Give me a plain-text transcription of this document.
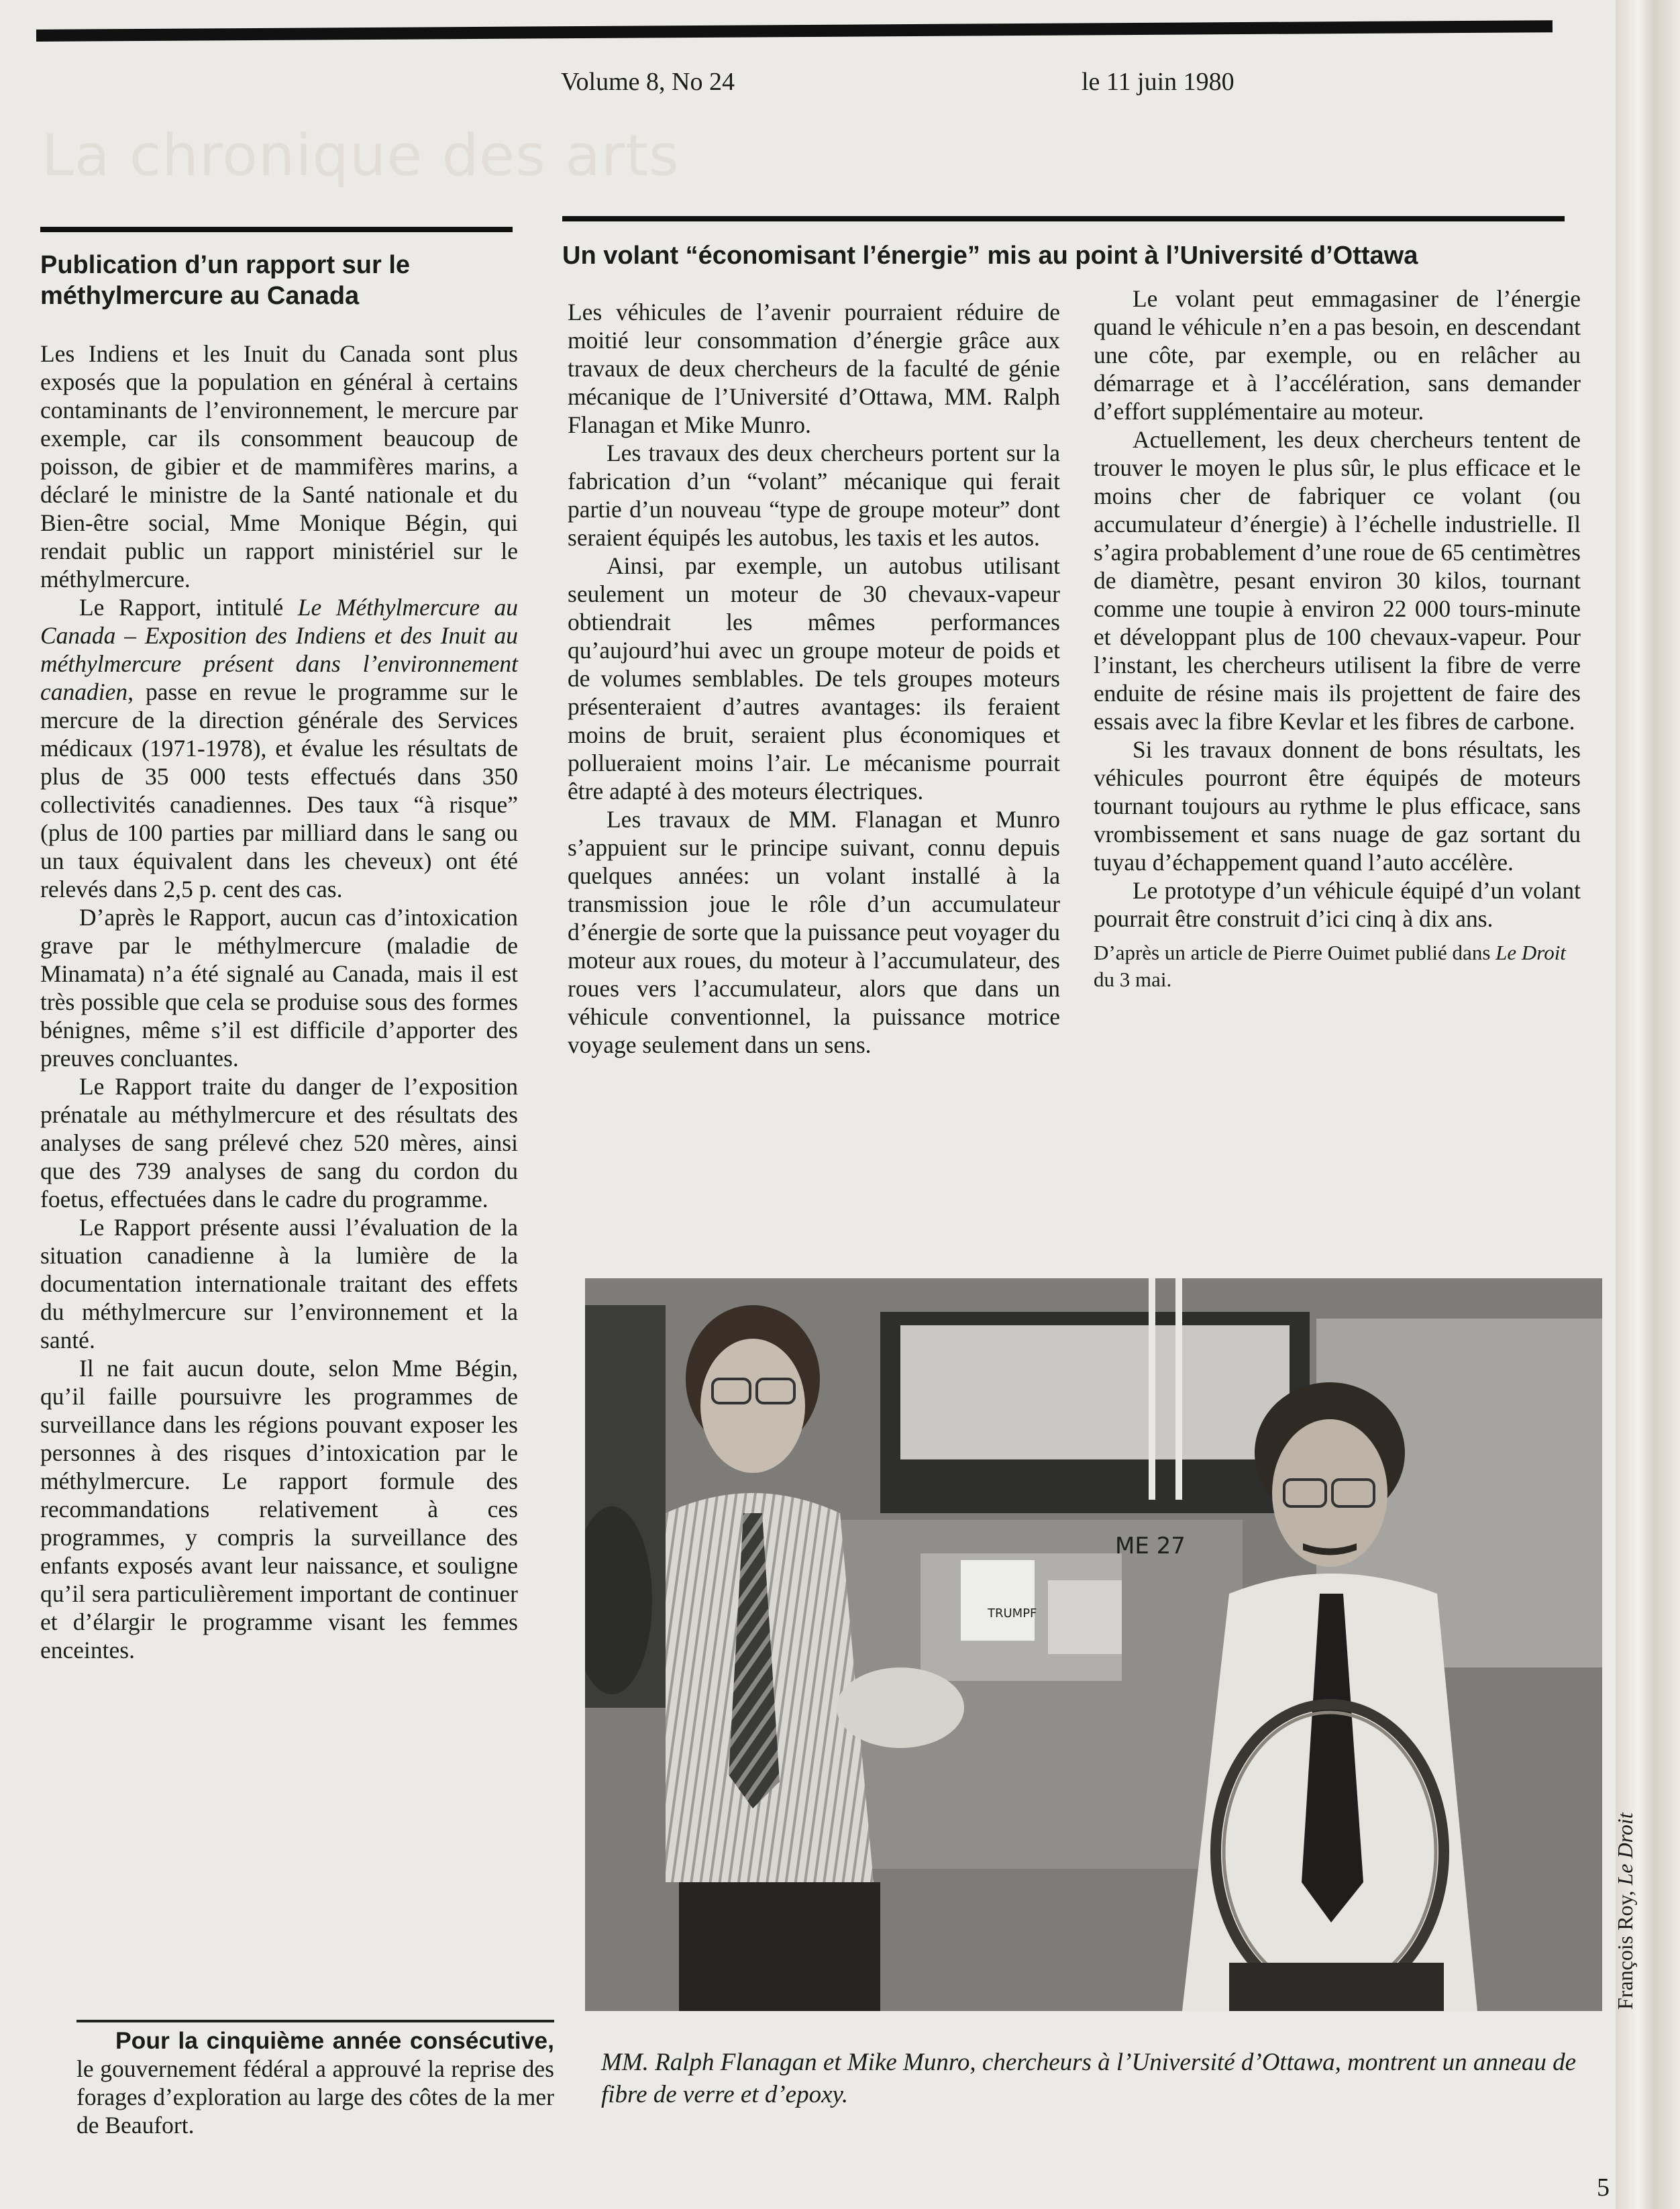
Volume 8, No 24	le 11 juin 1980
La chronique des arts
Publication d’un rapport sur le méthylmercure au Canada

Les Indiens et les Inuit du Canada sont plus exposés que la population en général à certains contaminants de l’environnement, le mercure par exemple, car ils consomment beaucoup de poisson, de gibier et de mammifères marins, a déclaré le ministre de la Santé nationale et du Bien-être social, Mme Monique Bégin, qui rendait public un rapport ministériel sur le méthylmercure.

Le Rapport, intitulé Le Méthylmercure au Canada – Exposition des Indiens et des Inuit au méthylmercure présent dans l’environnement canadien, passe en revue le programme sur le mercure de la direction générale des Services médicaux (1971-1978), et évalue les résultats de plus de 35 000 tests effectués dans 350 collectivités canadiennes. Des taux “à risque” (plus de 100 parties par milliard dans le sang ou un taux équivalent dans les cheveux) ont été relevés dans 2,5 p. cent des cas.

D’après le Rapport, aucun cas d’intoxication grave par le méthylmercure (maladie de Minamata) n’a été signalé au Canada, mais il est très possible que cela se produise sous des formes bénignes, même s’il est difficile d’apporter des preuves concluantes.

Le Rapport traite du danger de l’exposition prénatale au méthylmercure et des résultats des analyses de sang prélevé chez 520 mères, ainsi que des 739 analyses de sang du cordon du foetus, effectuées dans le cadre du programme.

Le Rapport présente aussi l’évaluation de la situation canadienne à la lumière de la documentation internationale traitant des effets du méthylmercure sur l’environnement et la santé.

Il ne fait aucun doute, selon Mme Bégin, qu’il faille poursuivre les programmes de surveillance dans les régions pouvant exposer les personnes à des risques d’intoxication par le méthylmercure. Le rapport formule des recommandations relativement à ces programmes, y compris la surveillance des enfants exposés avant leur naissance, et souligne qu’il sera particulièrement important de continuer et d’élargir le programme visant les femmes enceintes.

Pour la cinquième année consécutive, le gouvernement fédéral a approuvé la reprise des forages d’exploration au large des côtes de la mer de Beaufort.

Un volant “économisant l’énergie” mis au point à l’Université d’Ottawa

Les véhicules de l’avenir pourraient réduire de moitié leur consommation d’énergie grâce aux travaux de deux chercheurs de la faculté de génie mécanique de l’Université d’Ottawa, MM. Ralph Flanagan et Mike Munro.

Les travaux des deux chercheurs portent sur la fabrication d’un “volant” mécanique qui ferait partie d’un nouveau “type de groupe moteur” dont seraient équipés les autobus, les taxis et les autos.

Ainsi, par exemple, un autobus utilisant seulement un moteur de 30 chevaux-vapeur obtiendrait les mêmes performances qu’aujourd’hui avec un groupe moteur de poids et de volumes semblables. De tels groupes moteurs présenteraient d’autres avantages: ils feraient moins de bruit, seraient plus économiques et pollueraient moins l’air. Le mécanisme pourrait être adapté à des moteurs électriques.

Les travaux de MM. Flanagan et Munro s’appuient sur le principe suivant, connu depuis quelques années: un volant installé à la transmission joue le rôle d’un accumulateur d’énergie de sorte que la puissance peut voyager du moteur aux roues, du moteur à l’accumulateur, des roues vers l’accumulateur, alors que dans un véhicule conventionnel, la puissance motrice voyage seulement dans un sens.

Le volant peut emmagasiner de l’énergie quand le véhicule n’en a pas besoin, en descendant une côte, par exemple, ou en relâcher au démarrage et à l’accélération, sans demander d’effort supplémentaire au moteur.

Actuellement, les deux chercheurs tentent de trouver le moyen le plus sûr, le plus efficace et le moins cher de fabriquer ce volant (ou accumulateur d’énergie) à l’échelle industrielle. Il s’agira probablement d’une roue de 65 centimètres de diamètre, pesant environ 30 kilos, tournant comme une toupie à environ 22 000 tours-minute et développant plus de 100 chevaux-vapeur. Pour l’instant, les chercheurs utilisent la fibre de verre enduite de résine mais ils projettent de faire des essais avec la fibre Kevlar et les fibres de carbone.

Si les travaux donnent de bons résultats, les véhicules pourront être équipés de moteurs tournant toujours au rythme le plus efficace, sans vrombissement et sans nuage de gaz sortant du tuyau d’échappement quand l’auto accélère.

Le prototype d’un véhicule équipé d’un volant pourrait être construit d’ici cinq à dix ans.

D’après un article de Pierre Ouimet publié dans Le Droit du 3 mai.

TRUMPF
ME 27
François Roy, Le Droit
MM. Ralph Flanagan et Mike Munro, chercheurs à l’Université d’Ottawa, montrent un anneau de fibre de verre et d’epoxy.
5
